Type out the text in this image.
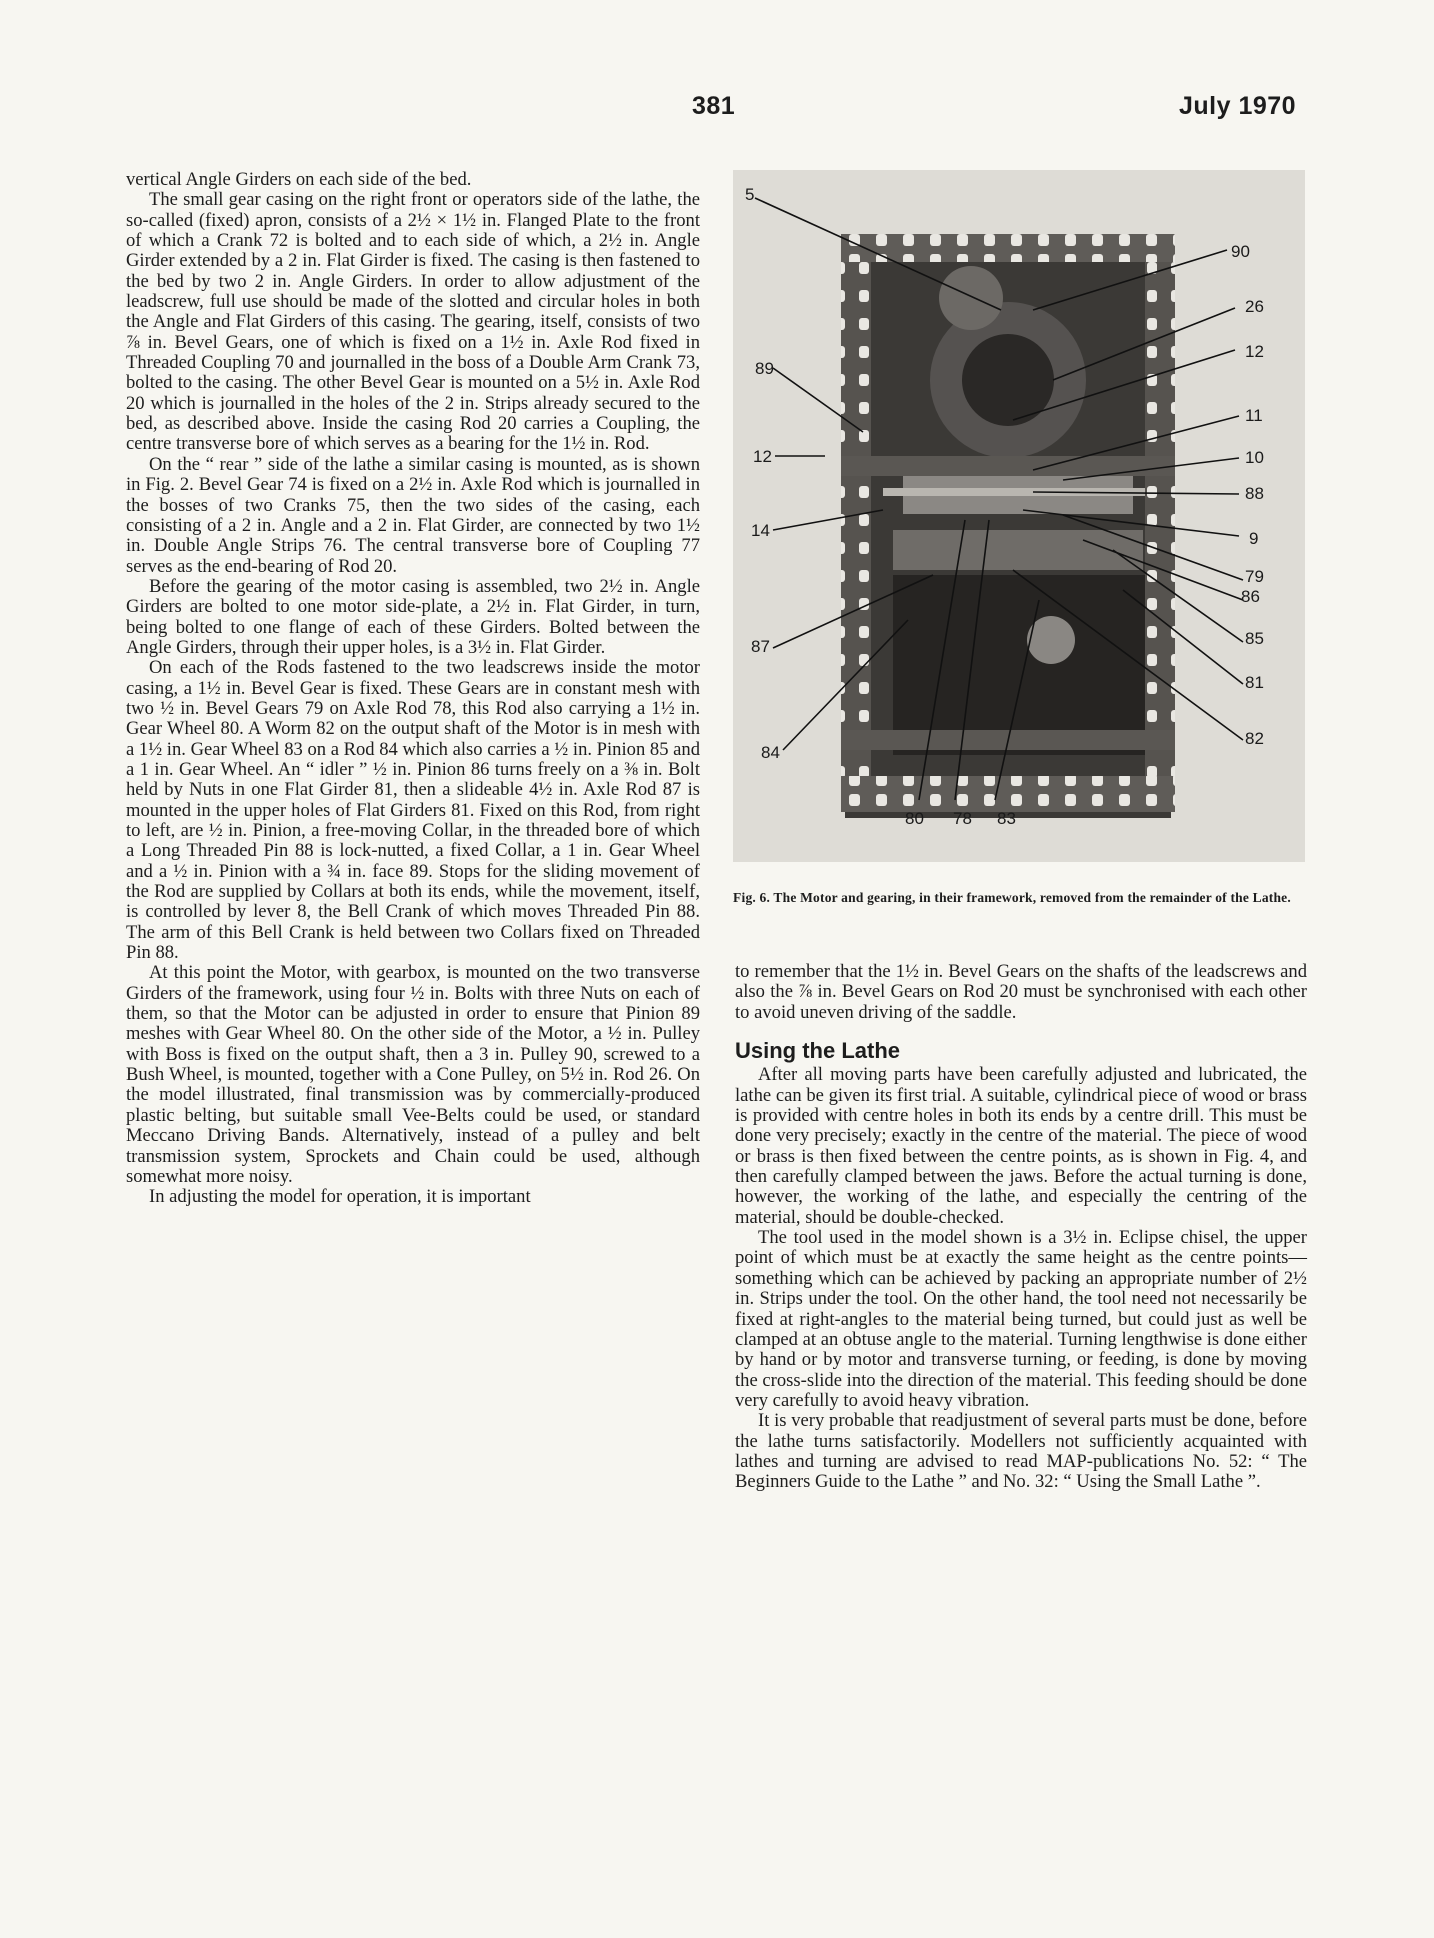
381	July 1970

vertical Angle Girders on each side of the bed.

The small gear casing on the right front or operators side of the lathe, the so-called (fixed) apron, consists of a 2½ × 1½ in. Flanged Plate to the front of which a Crank 72 is bolted and to each side of which, a 2½ in. Angle Girder extended by a 2 in. Flat Girder is fixed. The casing is then fastened to the bed by two 2 in. Angle Girders. In order to allow adjustment of the leadscrew, full use should be made of the slotted and circular holes in both the Angle and Flat Girders of this casing. The gearing, itself, consists of two ⅞ in. Bevel Gears, one of which is fixed on a 1½ in. Axle Rod fixed in Threaded Coupling 70 and journalled in the boss of a Double Arm Crank 73, bolted to the casing. The other Bevel Gear is mounted on a 5½ in. Axle Rod 20 which is journalled in the holes of the 2 in. Strips already secured to the bed, as described above. Inside the casing Rod 20 carries a Coupling, the centre transverse bore of which serves as a bearing for the 1½ in. Rod.

On the “ rear ” side of the lathe a similar casing is mounted, as is shown in Fig. 2. Bevel Gear 74 is fixed on a 2½ in. Axle Rod which is journalled in the bosses of two Cranks 75, then the two sides of the casing, each consisting of a 2 in. Angle and a 2 in. Flat Girder, are connected by two 1½ in. Double Angle Strips 76. The central transverse bore of Coupling 77 serves as the end-bearing of Rod 20.

Before the gearing of the motor casing is assembled, two 2½ in. Angle Girders are bolted to one motor side-plate, a 2½ in. Flat Girder, in turn, being bolted to one flange of each of these Girders. Bolted between the Angle Girders, through their upper holes, is a 3½ in. Flat Girder.

On each of the Rods fastened to the two leadscrews inside the motor casing, a 1½ in. Bevel Gear is fixed. These Gears are in constant mesh with two ½ in. Bevel Gears 79 on Axle Rod 78, this Rod also carrying a 1½ in. Gear Wheel 80. A Worm 82 on the output shaft of the Motor is in mesh with a 1½ in. Gear Wheel 83 on a Rod 84 which also carries a ½ in. Pinion 85 and a 1 in. Gear Wheel. An “ idler ” ½ in. Pinion 86 turns freely on a ⅜ in. Bolt held by Nuts in one Flat Girder 81, then a slideable 4½ in. Axle Rod 87 is mounted in the upper holes of Flat Girders 81. Fixed on this Rod, from right to left, are ½ in. Pinion, a free-moving Collar, in the threaded bore of which a Long Threaded Pin 88 is lock-nutted, a fixed Collar, a 1 in. Gear Wheel and a ½ in. Pinion with a ¾ in. face 89. Stops for the sliding movement of the Rod are supplied by Collars at both its ends, while the movement, itself, is controlled by lever 8, the Bell Crank of which moves Threaded Pin 88. The arm of this Bell Crank is held between two Collars fixed on Threaded Pin 88.

At this point the Motor, with gearbox, is mounted on the two transverse Girders of the framework, using four ½ in. Bolts with three Nuts on each of them, so that the Motor can be adjusted in order to ensure that Pinion 89 meshes with Gear Wheel 80. On the other side of the Motor, a ½ in. Pulley with Boss is fixed on the output shaft, then a 3 in. Pulley 90, screwed to a Bush Wheel, is mounted, together with a Cone Pulley, on 5½ in. Rod 26. On the model illustrated, final transmission was by commercially-produced plastic belting, but suitable small Vee-Belts could be used, or standard Meccano Driving Bands. Alternatively, instead of a pulley and belt transmission system, Sprockets and Chain could be used, although somewhat more noisy.

In adjusting the model for operation, it is important

5
89
12
14
87
84
90
26
12
11
10
88
9
79
86
85
81
82
80 78 83
Fig. 6. The Motor and gearing, in their framework, removed from the remainder of the Lathe.

to remember that the 1½ in. Bevel Gears on the shafts of the leadscrews and also the ⅞ in. Bevel Gears on Rod 20 must be synchronised with each other to avoid uneven driving of the saddle.

Using the Lathe

After all moving parts have been carefully adjusted and lubricated, the lathe can be given its first trial. A suitable, cylindrical piece of wood or brass is provided with centre holes in both its ends by a centre drill. This must be done very precisely; exactly in the centre of the material. The piece of wood or brass is then fixed between the centre points, as is shown in Fig. 4, and then carefully clamped between the jaws. Before the actual turning is done, however, the working of the lathe, and especially the centring of the material, should be double-checked.

The tool used in the model shown is a 3½ in. Eclipse chisel, the upper point of which must be at exactly the same height as the centre points—something which can be achieved by packing an appropriate number of 2½ in. Strips under the tool. On the other hand, the tool need not necessarily be fixed at right-angles to the material being turned, but could just as well be clamped at an obtuse angle to the material. Turning lengthwise is done either by hand or by motor and transverse turning, or feeding, is done by moving the cross-slide into the direction of the material. This feeding should be done very carefully to avoid heavy vibration.

It is very probable that readjustment of several parts must be done, before the lathe turns satisfactorily. Modellers not sufficiently acquainted with lathes and turning are advised to read MAP-publications No. 52: “ The Beginners Guide to the Lathe ” and No. 32: “ Using the Small Lathe ”.
